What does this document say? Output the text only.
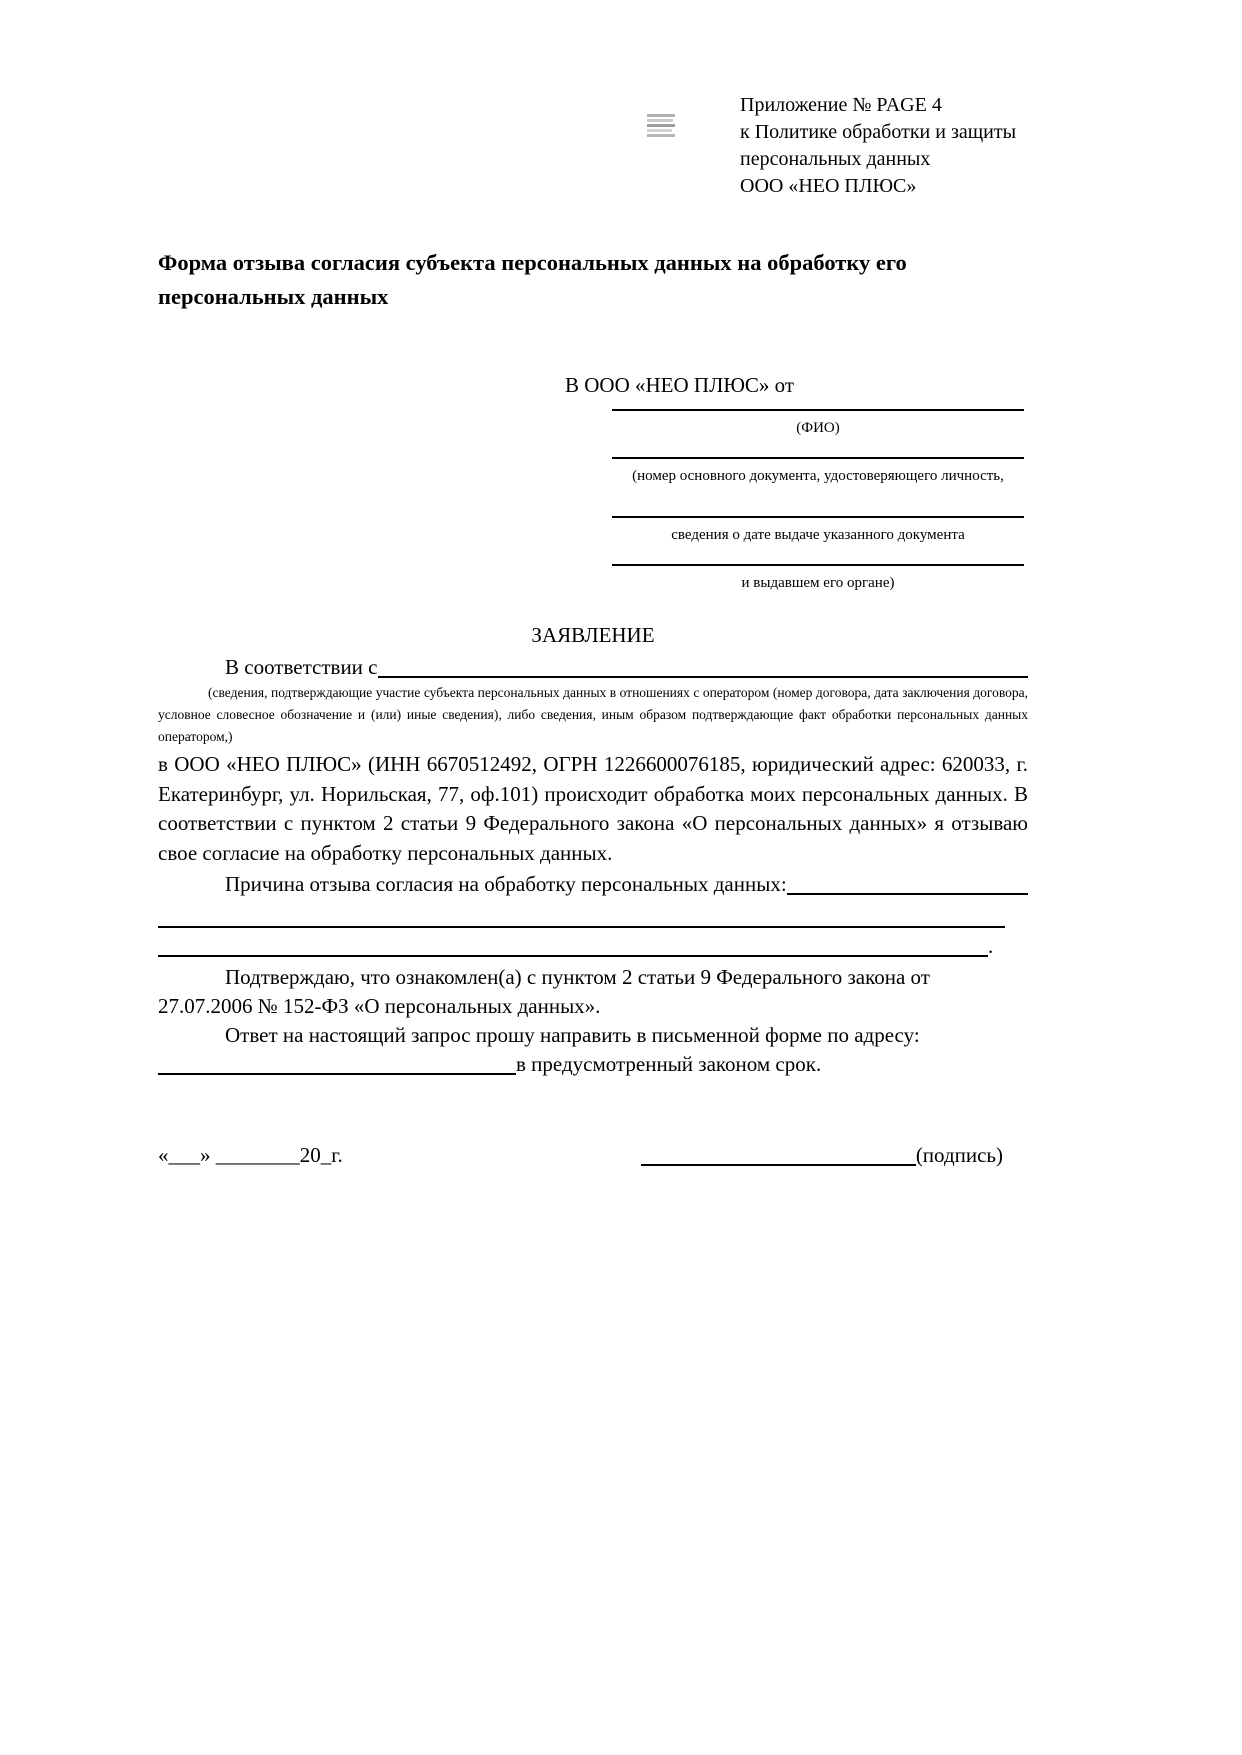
Приложение № PAGE 4
к Политике обработки и защиты
персональных данных
ООО «НЕО ПЛЮС»
Форма отзыва согласия субъекта персональных данных на обработку его персональных данных
В ООО «НЕО ПЛЮС» от
(ФИО)
(номер основного документа, удостоверяющего личность,
сведения о дате выдаче указанного документа
и выдавшем его органе)
ЗАЯВЛЕНИЕ
В соответствии с

(сведения, подтверждающие участие субъекта персональных данных в отношениях с оператором (номер договора, дата заключения договора, условное словесное обозначение и (или) иные сведения), либо сведения, иным образом подтверждающие факт обработки персональных данных оператором,)

в ООО «НЕО ПЛЮС» (ИНН 6670512492, ОГРН 1226600076185, юридический адрес: 620033, г. Екатеринбург, ул. Норильская, 77, оф.101) происходит обработка моих персональных данных. В соответствии с пунктом 2 статьи 9 Федерального закона «О персональных данных» я отзываю свое согласие на обработку персональных данных.

Причина отзыва согласия на обработку персональных данных:
.

Подтверждаю, что ознакомлен(а) с пунктом 2 статьи 9 Федерального закона от 27.07.2006 № 152-ФЗ «О персональных данных».

Ответ на настоящий запрос прошу направить в письменной форме по адресу:

в предусмотренный законом срок.
«___» ________20_г.	(подпись)
